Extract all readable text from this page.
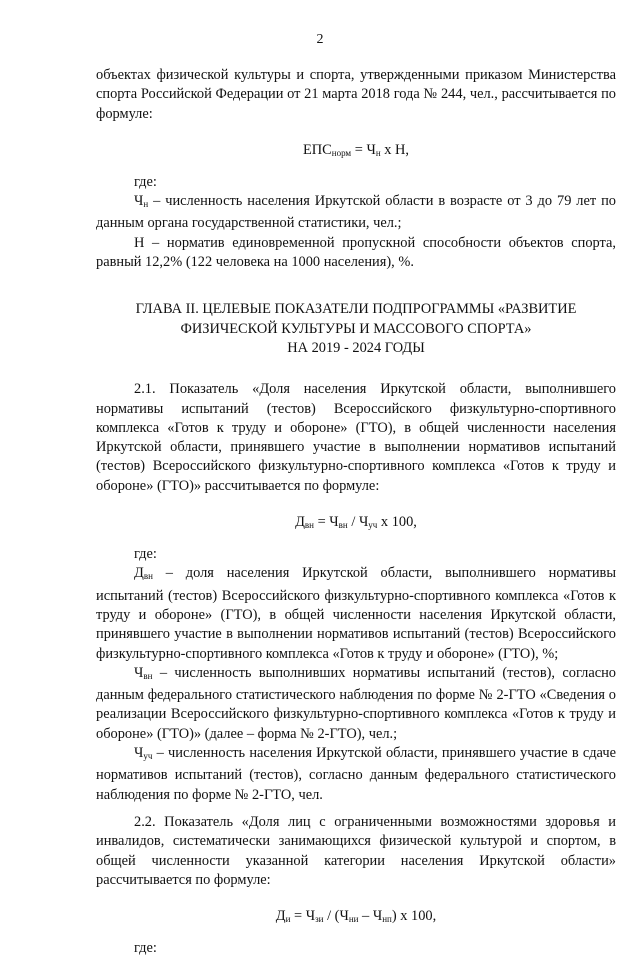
2

объектах физической культуры и спорта, утвержденными приказом Министерства спорта Российской Федерации от 21 марта 2018 года № 244, чел., рассчитывается по формуле:

$ЕПС_{норм} = Ч_н$ х Н,

где:

$Ч_н$ – численность населения Иркутской области в возрасте от 3 до 79 лет по данным органа государственной статистики, чел.;

Н – норматив единовременной пропускной способности объектов спорта, равный 12,2% (122 человека на 1000 населения), %.

ГЛАВА II. ЦЕЛЕВЫЕ ПОКАЗАТЕЛИ ПОДПРОГРАММЫ «РАЗВИТИЕ
ФИЗИЧЕСКОЙ КУЛЬТУРЫ И МАССОВОГО СПОРТА»
НА 2019 - 2024 ГОДЫ

2.1. Показатель «Доля населения Иркутской области, выполнившего нормативы испытаний (тестов) Всероссийского физкультурно-спортивного комплекса «Готов к труду и обороне» (ГТО), в общей численности населения Иркутской области, принявшего участие в выполнении нормативов испытаний (тестов) Всероссийского физкультурно-спортивного комплекса «Готов к труду и обороне» (ГТО)» рассчитывается по формуле:

$Д_{вн} = Ч_{вн} / Ч_{уч}$ х 100,

где:

$Д_{вн}$ – доля населения Иркутской области, выполнившего нормативы испытаний (тестов) Всероссийского физкультурно-спортивного комплекса «Готов к труду и обороне» (ГТО), в общей численности населения Иркутской области, принявшего участие в выполнении нормативов испытаний (тестов) Всероссийского физкультурно-спортивного комплекса «Готов к труду и обороне» (ГТО), %;

$Ч_{вн}$ – численность выполнивших нормативы испытаний (тестов), согласно данным федерального статистического наблюдения по форме № 2-ГТО «Сведения о реализации Всероссийского физкультурно-спортивного комплекса «Готов к труду и обороне» (ГТО)» (далее – форма № 2-ГТО), чел.;

$Ч_{уч}$ – численность населения Иркутской области, принявшего участие в сдаче нормативов испытаний (тестов), согласно данным федерального статистического наблюдения по форме № 2-ГТО, чел.

2.2. Показатель «Доля лиц с ограниченными возможностями здоровья и инвалидов, систематически занимающихся физической культурой и спортом, в общей численности указанной категории населения Иркутской области» рассчитывается по формуле:

$Д_и = Ч_{зи} / (Ч_{ни} - Ч_{нп})$ х 100,

где:
